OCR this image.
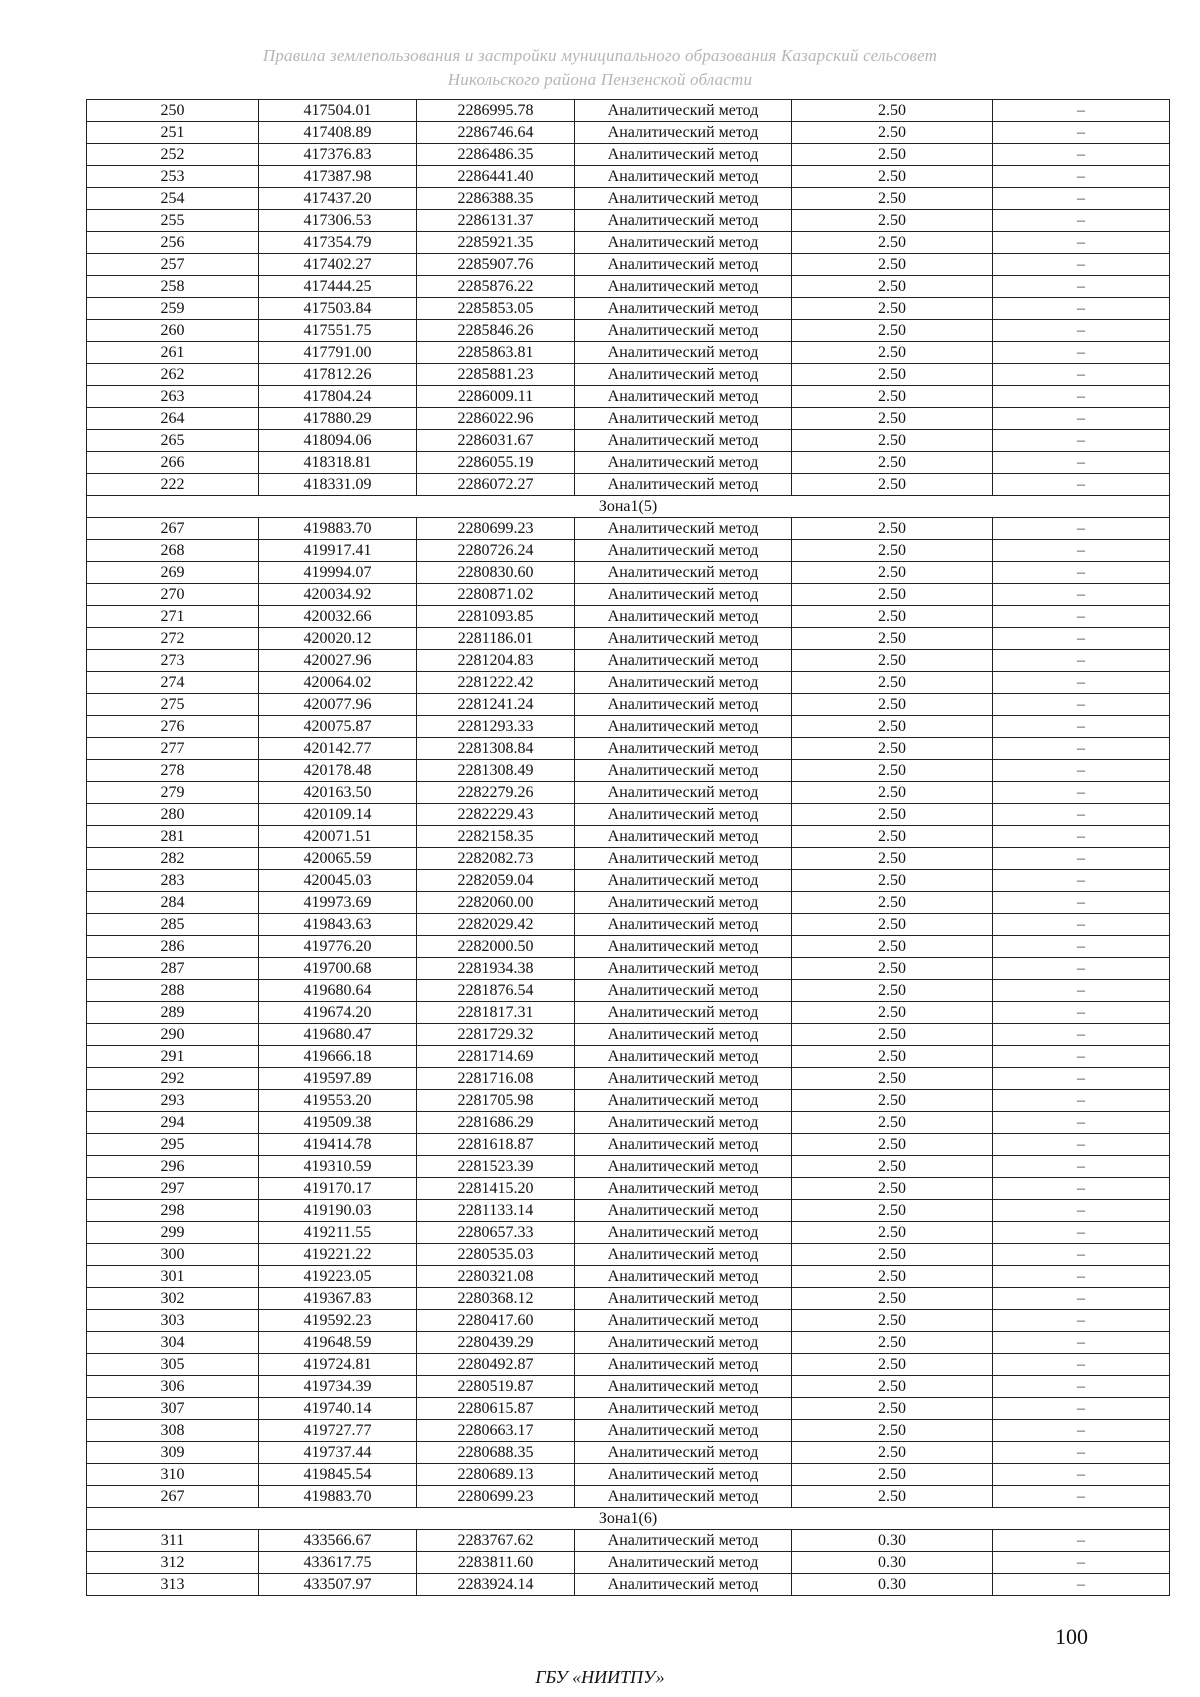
Правила землепользования и застройки муниципального образования Казарский сельсовет
Никольского района Пензенской области
250	417504.01	2286995.78	Аналитический метод	2.50	–
251	417408.89	2286746.64	Аналитический метод	2.50	–
252	417376.83	2286486.35	Аналитический метод	2.50	–
253	417387.98	2286441.40	Аналитический метод	2.50	–
254	417437.20	2286388.35	Аналитический метод	2.50	–
255	417306.53	2286131.37	Аналитический метод	2.50	–
256	417354.79	2285921.35	Аналитический метод	2.50	–
257	417402.27	2285907.76	Аналитический метод	2.50	–
258	417444.25	2285876.22	Аналитический метод	2.50	–
259	417503.84	2285853.05	Аналитический метод	2.50	–
260	417551.75	2285846.26	Аналитический метод	2.50	–
261	417791.00	2285863.81	Аналитический метод	2.50	–
262	417812.26	2285881.23	Аналитический метод	2.50	–
263	417804.24	2286009.11	Аналитический метод	2.50	–
264	417880.29	2286022.96	Аналитический метод	2.50	–
265	418094.06	2286031.67	Аналитический метод	2.50	–
266	418318.81	2286055.19	Аналитический метод	2.50	–
222	418331.09	2286072.27	Аналитический метод	2.50	–
Зона1(5)					
267	419883.70	2280699.23	Аналитический метод	2.50	–
268	419917.41	2280726.24	Аналитический метод	2.50	–
269	419994.07	2280830.60	Аналитический метод	2.50	–
270	420034.92	2280871.02	Аналитический метод	2.50	–
271	420032.66	2281093.85	Аналитический метод	2.50	–
272	420020.12	2281186.01	Аналитический метод	2.50	–
273	420027.96	2281204.83	Аналитический метод	2.50	–
274	420064.02	2281222.42	Аналитический метод	2.50	–
275	420077.96	2281241.24	Аналитический метод	2.50	–
276	420075.87	2281293.33	Аналитический метод	2.50	–
277	420142.77	2281308.84	Аналитический метод	2.50	–
278	420178.48	2281308.49	Аналитический метод	2.50	–
279	420163.50	2282279.26	Аналитический метод	2.50	–
280	420109.14	2282229.43	Аналитический метод	2.50	–
281	420071.51	2282158.35	Аналитический метод	2.50	–
282	420065.59	2282082.73	Аналитический метод	2.50	–
283	420045.03	2282059.04	Аналитический метод	2.50	–
284	419973.69	2282060.00	Аналитический метод	2.50	–
285	419843.63	2282029.42	Аналитический метод	2.50	–
286	419776.20	2282000.50	Аналитический метод	2.50	–
287	419700.68	2281934.38	Аналитический метод	2.50	–
288	419680.64	2281876.54	Аналитический метод	2.50	–
289	419674.20	2281817.31	Аналитический метод	2.50	–
290	419680.47	2281729.32	Аналитический метод	2.50	–
291	419666.18	2281714.69	Аналитический метод	2.50	–
292	419597.89	2281716.08	Аналитический метод	2.50	–
293	419553.20	2281705.98	Аналитический метод	2.50	–
294	419509.38	2281686.29	Аналитический метод	2.50	–
295	419414.78	2281618.87	Аналитический метод	2.50	–
296	419310.59	2281523.39	Аналитический метод	2.50	–
297	419170.17	2281415.20	Аналитический метод	2.50	–
298	419190.03	2281133.14	Аналитический метод	2.50	–
299	419211.55	2280657.33	Аналитический метод	2.50	–
300	419221.22	2280535.03	Аналитический метод	2.50	–
301	419223.05	2280321.08	Аналитический метод	2.50	–
302	419367.83	2280368.12	Аналитический метод	2.50	–
303	419592.23	2280417.60	Аналитический метод	2.50	–
304	419648.59	2280439.29	Аналитический метод	2.50	–
305	419724.81	2280492.87	Аналитический метод	2.50	–
306	419734.39	2280519.87	Аналитический метод	2.50	–
307	419740.14	2280615.87	Аналитический метод	2.50	–
308	419727.77	2280663.17	Аналитический метод	2.50	–
309	419737.44	2280688.35	Аналитический метод	2.50	–
310	419845.54	2280689.13	Аналитический метод	2.50	–
267	419883.70	2280699.23	Аналитический метод	2.50	–
Зона1(6)					
311	433566.67	2283767.62	Аналитический метод	0.30	–
312	433617.75	2283811.60	Аналитический метод	0.30	–
313	433507.97	2283924.14	Аналитический метод	0.30	–
100
ГБУ «НИИТПУ»
